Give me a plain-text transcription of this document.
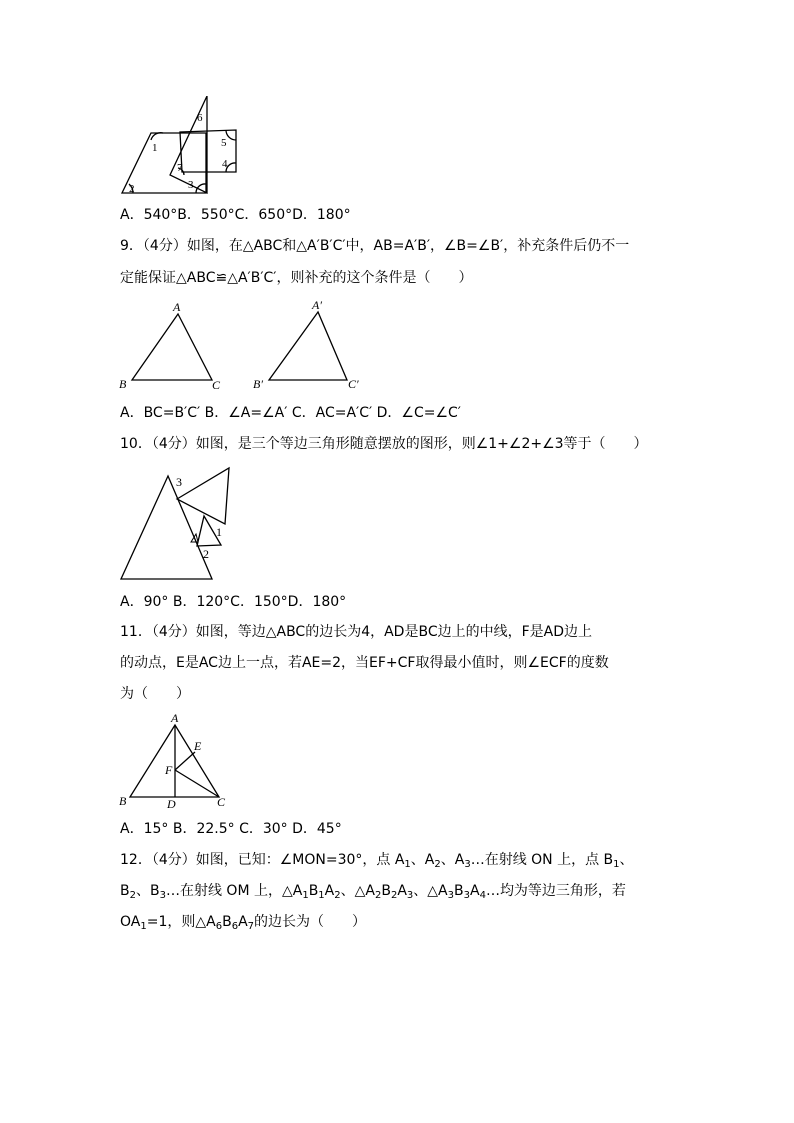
1
2	3
4
5
6
7
A．540°B．550°C．650°D．180°
9．（4分）如图，在△ABC和△A′B′C′中，AB=A′B′，∠B=∠B′，补充条件后仍不一
定能保证△ABC≌△A′B′C′，则补充的这个条件是（　　）
A
B	C
A′
B′	C′
A．BC=B′C′ B．∠A=∠A′ C．AC=A′C′ D．∠C=∠C′
10．（4分）如图，是三个等边三角形随意摆放的图形，则∠1+∠2+∠3等于（　　）
3
1
2
A．90° B．120°C．150°D．180°
11．（4分）如图，等边△ABC的边长为4，AD是BC边上的中线，F是AD边上
的动点，E是AC边上一点，若AE=2，当EF+CF取得最小值时，则∠ECF的度数
为（　　）
A
B	C
D
E
F
A．15° B．22.5° C．30° D．45°
12．（4分）如图，已知：∠MON=30°，点 $A_1$、$A_2$、$A_3\dots$在射线 ON 上，点 $B_1$、
$B_2$、$B_3\dots$在射线 OM 上，$\triangle A_1B_1A_2$、$\triangle A_2B_2A_3$、$\triangle A_3B_3A_4\dots$均为等边三角形，若
$OA_1=1$，则$\triangle A_6B_6A_7$的边长为（　　）
